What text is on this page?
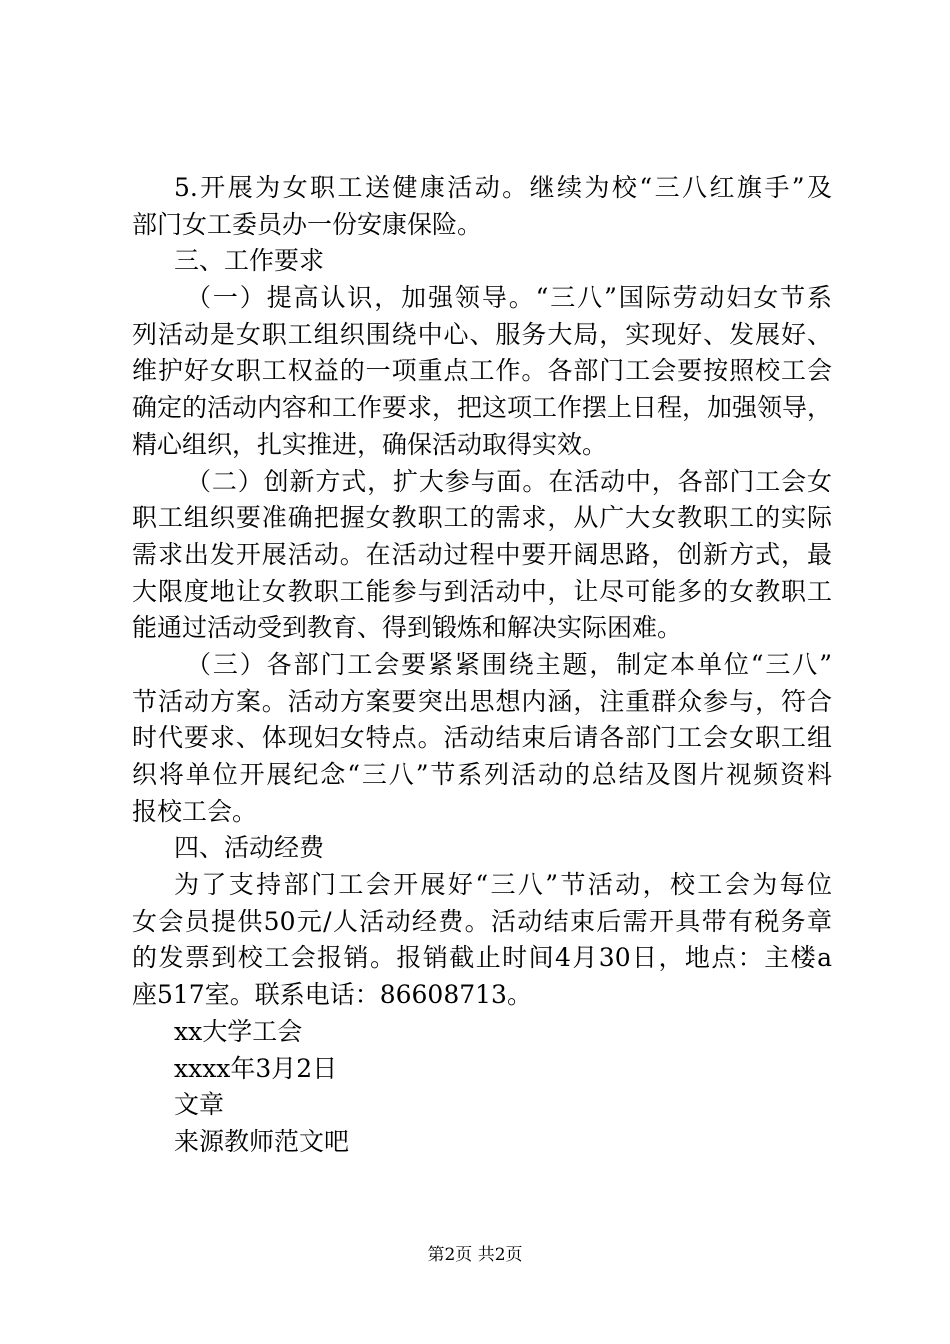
5.开展为女职工送健康活动。继续为校“三八红旗手”及
部门女工委员办一份安康保险。
三、工作要求
（一）提高认识，加强领导。“三八”国际劳动妇女节系
列活动是女职工组织围绕中心、服务大局，实现好、发展好、
维护好女职工权益的一项重点工作。各部门工会要按照校工会
确定的活动内容和工作要求，把这项工作摆上日程，加强领导，
精心组织，扎实推进，确保活动取得实效。
（二）创新方式，扩大参与面。在活动中，各部门工会女
职工组织要准确把握女教职工的需求，从广大女教职工的实际
需求出发开展活动。在活动过程中要开阔思路，创新方式，最
大限度地让女教职工能参与到活动中，让尽可能多的女教职工
能通过活动受到教育、得到锻炼和解决实际困难。
（三）各部门工会要紧紧围绕主题，制定本单位“三八”
节活动方案。活动方案要突出思想内涵，注重群众参与，符合
时代要求、体现妇女特点。活动结束后请各部门工会女职工组
织将单位开展纪念“三八”节系列活动的总结及图片视频资料
报校工会。
四、活动经费
为了支持部门工会开展好“三八”节活动，校工会为每位
女会员提供50元/人活动经费。活动结束后需开具带有税务章
的发票到校工会报销。报销截止时间4月30日，地点：主楼a
座517室。联系电话：86608713。
xx大学工会
xxxx年3月2日
文章
来源教师范文吧
第2页 共2页
